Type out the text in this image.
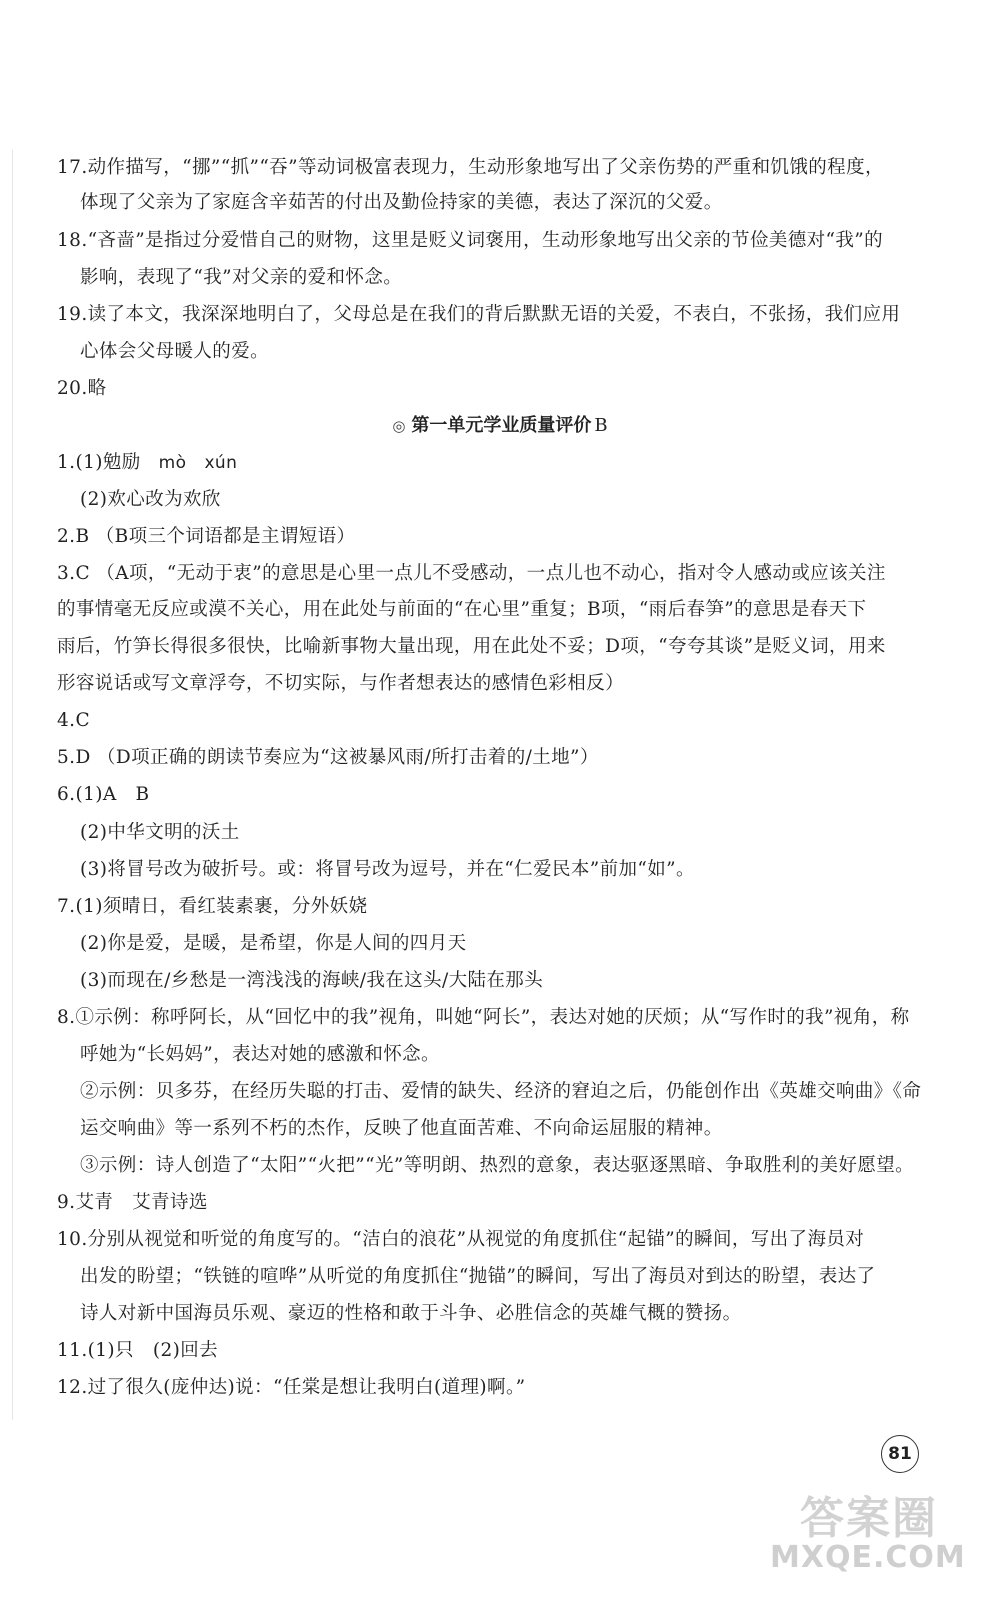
17.动作描写，“挪”“抓”“吞”等动词极富表现力，生动形象地写出了父亲伤势的严重和饥饿的程度，
体现了父亲为了家庭含辛茹苦的付出及勤俭持家的美德，表达了深沉的父爱。
18.“吝啬”是指过分爱惜自己的财物，这里是贬义词褒用，生动形象地写出父亲的节俭美德对“我”的
影响，表现了“我”对父亲的爱和怀念。
19.读了本文，我深深地明白了，父母总是在我们的背后默默无语的关爱，不表白，不张扬，我们应用
心体会父母暖人的爱。
20.略
◎ 第一单元学业质量评价 B
1.(1)勉励 mò xún
(2)欢心改为欢欣
2.B （B项三个词语都是主谓短语）
3.C （A项，“无动于衷”的意思是心里一点儿不受感动，一点儿也不动心，指对令人感动或应该关注
的事情毫无反应或漠不关心，用在此处与前面的“在心里”重复；B项，“雨后春笋”的意思是春天下
雨后，竹笋长得很多很快，比喻新事物大量出现，用在此处不妥；D项，“夸夸其谈”是贬义词，用来
形容说话或写文章浮夸，不切实际，与作者想表达的感情色彩相反）
4.C
5.D （D项正确的朗读节奏应为“这被暴风雨/所打击着的/土地”）
6.(1)A　B
(2)中华文明的沃土
(3)将冒号改为破折号。或：将冒号改为逗号，并在“仁爱民本”前加“如”。
7.(1)须晴日，看红装素裹，分外妖娆
(2)你是爱，是暖，是希望，你是人间的四月天
(3)而现在/乡愁是一湾浅浅的海峡/我在这头/大陆在那头
8.①示例：称呼阿长，从“回忆中的我”视角，叫她“阿长”，表达对她的厌烦；从“写作时的我”视角，称
呼她为“长妈妈”，表达对她的感激和怀念。
②示例：贝多芬，在经历失聪的打击、爱情的缺失、经济的窘迫之后，仍能创作出《英雄交响曲》《命
运交响曲》等一系列不朽的杰作，反映了他直面苦难、不向命运屈服的精神。
③示例：诗人创造了“太阳”“火把”“光”等明朗、热烈的意象，表达驱逐黑暗、争取胜利的美好愿望。
9.艾青　艾青诗选
10.分别从视觉和听觉的角度写的。“洁白的浪花”从视觉的角度抓住“起锚”的瞬间，写出了海员对
出发的盼望；“铁链的喧哗”从听觉的角度抓住“抛锚”的瞬间，写出了海员对到达的盼望，表达了
诗人对新中国海员乐观、豪迈的性格和敢于斗争、必胜信念的英雄气概的赞扬。
11.(1)只　(2)回去
12.过了很久(庞仲达)说：“任棠是想让我明白(道理)啊。”
81
答案圈
MXQE.COM
